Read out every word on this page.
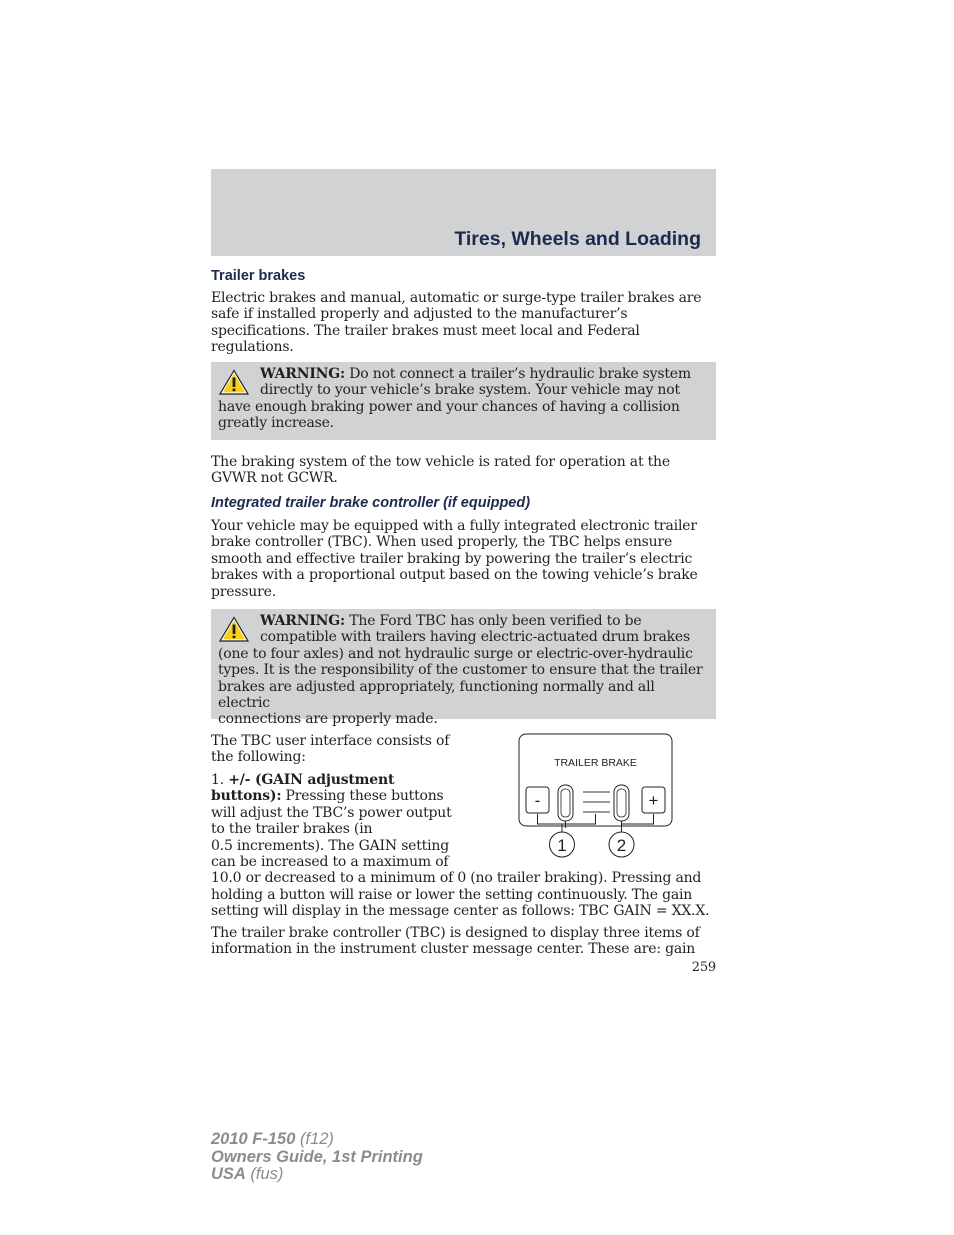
Tires, Wheels and Loading
Trailer brakes

Electric brakes and manual, automatic or surge-type trailer brakes are

safe if installed properly and adjusted to the manufacturer’s

specifications. The trailer brakes must meet local and Federal

regulations.

WARNING: Do not connect a trailer’s hydraulic brake system
directly to your vehicle’s brake system. Your vehicle may not

have enough braking power and your chances of having a collision

greatly increase.

The braking system of the tow vehicle is rated for operation at the

GVWR not GCWR.

Integrated trailer brake controller (if equipped)

Your vehicle may be equipped with a fully integrated electronic trailer

brake controller (TBC). When used properly, the TBC helps ensure

smooth and effective trailer braking by powering the trailer’s electric

brakes with a proportional output based on the towing vehicle’s brake

pressure.

WARNING: The Ford TBC has only been verified to be
compatible with trailers having electric-actuated drum brakes

(one to four axles) and not hydraulic surge or electric-over-hydraulic

types. It is the responsibility of the customer to ensure that the trailer

brakes are adjusted appropriately, functioning normally and all electric

connections are properly made.

The TBC user interface consists of

the following:

1. +/- (GAIN adjustment

buttons): Pressing these buttons

will adjust the TBC’s power output

to the trailer brakes (in

0.5 increments). The GAIN setting

can be increased to a maximum of

10.0 or decreased to a minimum of 0 (no trailer braking). Pressing and

holding a button will raise or lower the setting continuously. The gain

setting will display in the message center as follows: TBC GAIN = XX.X.

The trailer brake controller (TBC) is designed to display three items of

information in the instrument cluster message center. These are: gain

TRAILER BRAKE
-	+
1	2
259
2010 F-150 (f12)
Owners Guide, 1st Printing
USA (fus)
